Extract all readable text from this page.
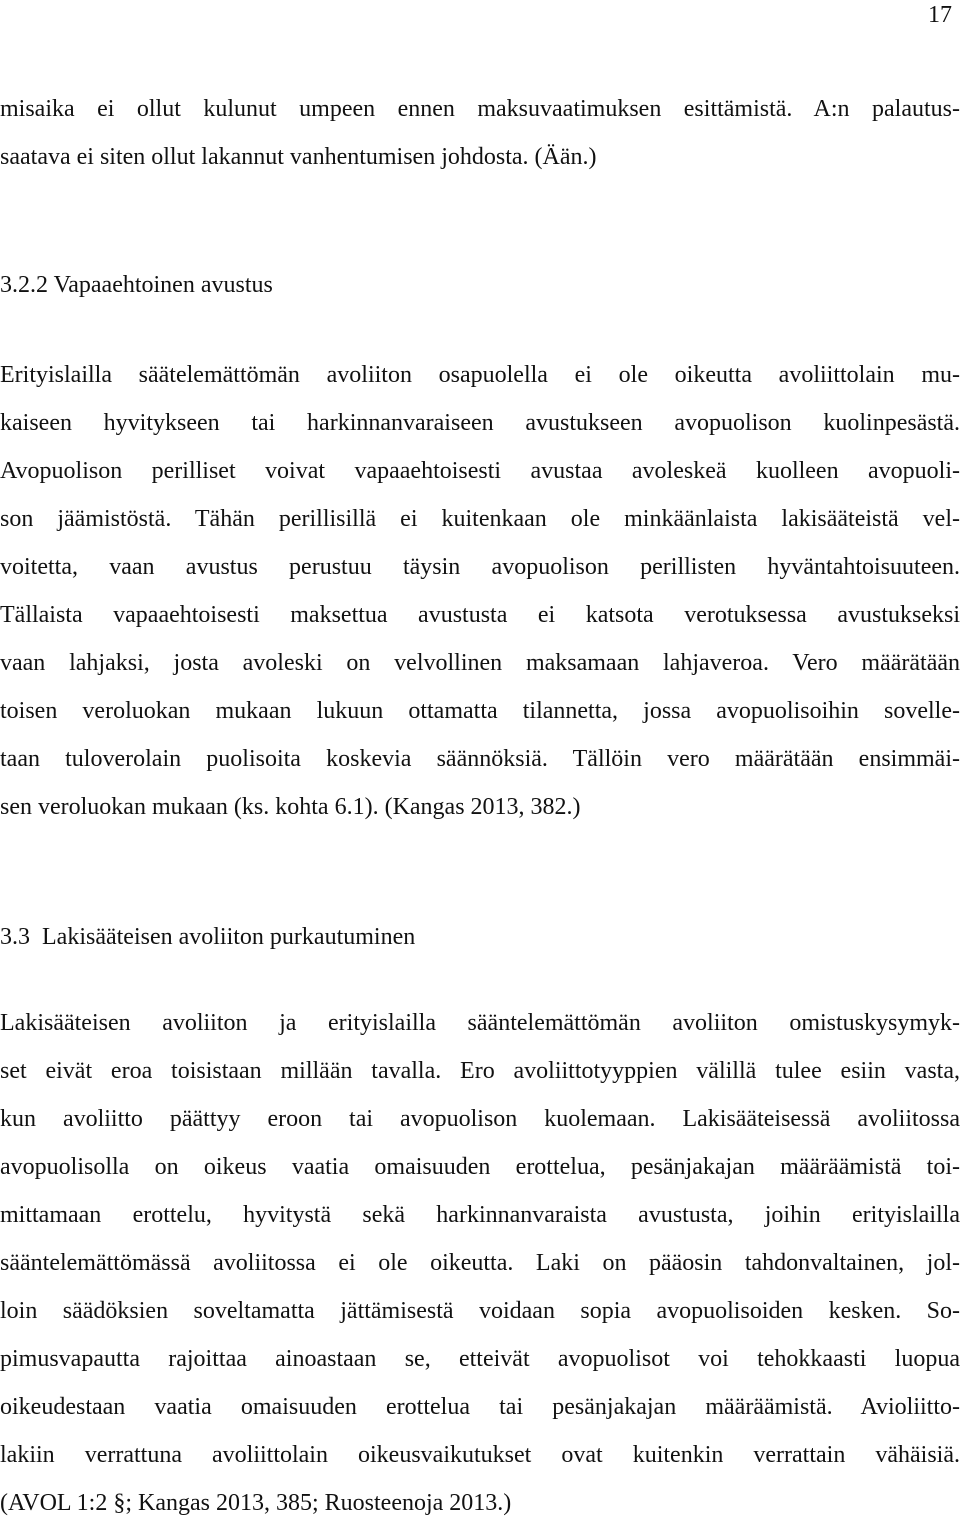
17
misaika ei ollut kulunut umpeen ennen maksuvaatimuksen esittämistä. A:n palautus-
saatava ei siten ollut lakannut vanhentumisen johdosta. (Ään.)
3.2.2 Vapaaehtoinen avustus
Erityislailla säätelemättömän avoliiton osapuolella ei ole oikeutta avoliittolain mu-
kaiseen hyvitykseen tai harkinnanvaraiseen avustukseen avopuolison kuolinpesästä.
Avopuolison perilliset voivat vapaaehtoisesti avustaa avoleskeä kuolleen avopuoli-
son jäämistöstä. Tähän perillisillä ei kuitenkaan ole minkäänlaista lakisääteistä vel-
voitetta, vaan avustus perustuu täysin avopuolison perillisten hyväntahtoisuuteen.
Tällaista vapaaehtoisesti maksettua avustusta ei katsota verotuksessa avustukseksi
vaan lahjaksi, josta avoleski on velvollinen maksamaan lahjaveroa. Vero määrätään
toisen veroluokan mukaan lukuun ottamatta tilannetta, jossa avopuolisoihin sovelle-
taan tuloverolain puolisoita koskevia säännöksiä. Tällöin vero määrätään ensimmäi-
sen veroluokan mukaan (ks. kohta 6.1). (Kangas 2013, 382.)
3.3  Lakisääteisen avoliiton purkautuminen
Lakisääteisen avoliiton ja erityislailla sääntelemättömän avoliiton omistuskysymyk-
set eivät eroa toisistaan millään tavalla. Ero avoliittotyyppien välillä tulee esiin vasta,
kun avoliitto päättyy eroon tai avopuolison kuolemaan. Lakisääteisessä avoliitossa
avopuolisolla on oikeus vaatia omaisuuden erottelua, pesänjakajan määräämistä toi-
mittamaan erottelu, hyvitystä sekä harkinnanvaraista avustusta, joihin erityislailla
sääntelemättömässä avoliitossa ei ole oikeutta. Laki on pääosin tahdonvaltainen, jol-
loin säädöksien soveltamatta jättämisestä voidaan sopia avopuolisoiden kesken. So-
pimusvapautta rajoittaa ainoastaan se, etteivät avopuolisot voi tehokkaasti luopua
oikeudestaan vaatia omaisuuden erottelua tai pesänjakajan määräämistä. Avioliitto-
lakiin verrattuna avoliittolain oikeusvaikutukset ovat kuitenkin verrattain vähäisiä.
(AVOL 1:2 §; Kangas 2013, 385; Ruosteenoja 2013.)
